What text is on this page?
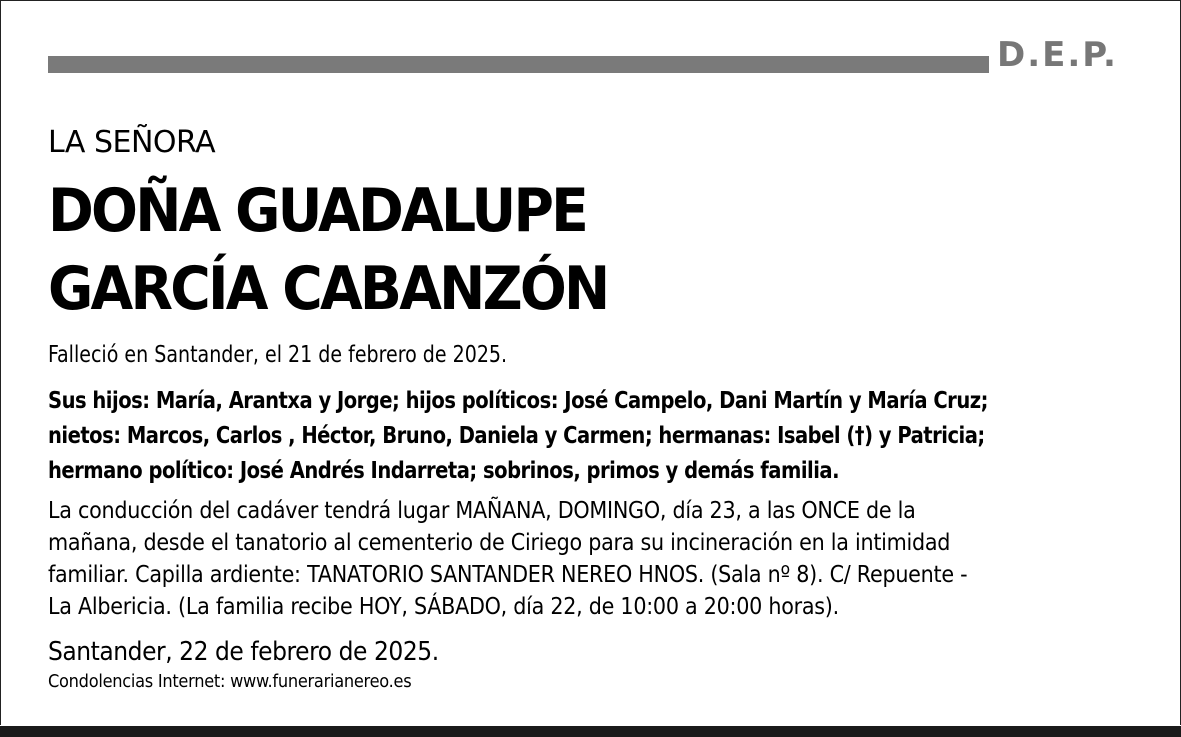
D.E.P.
LA SEÑORA
DOÑA GUADALUPE
GARCÍA CABANZÓN
Falleció en Santander, el 21 de febrero de 2025.
Sus hijos: María, Arantxa y Jorge; hijos políticos: José Campelo, Dani Martín y María Cruz;
nietos: Marcos, Carlos , Héctor, Bruno, Daniela y Carmen; hermanas: Isabel (†) y Patricia;
hermano político: José Andrés Indarreta; sobrinos, primos y demás familia.
La conducción del cadáver tendrá lugar MAÑANA, DOMINGO, día 23, a las ONCE de la
mañana, desde el tanatorio al cementerio de Ciriego para su incineración en la intimidad
familiar. Capilla ardiente: TANATORIO SANTANDER NEREO HNOS. (Sala nº 8). C/ Repuente -
La Albericia. (La familia recibe HOY, SÁBADO, día 22, de 10:00 a 20:00 horas).
Santander, 22 de febrero de 2025.
Condolencias Internet: www.funerarianereo.es
